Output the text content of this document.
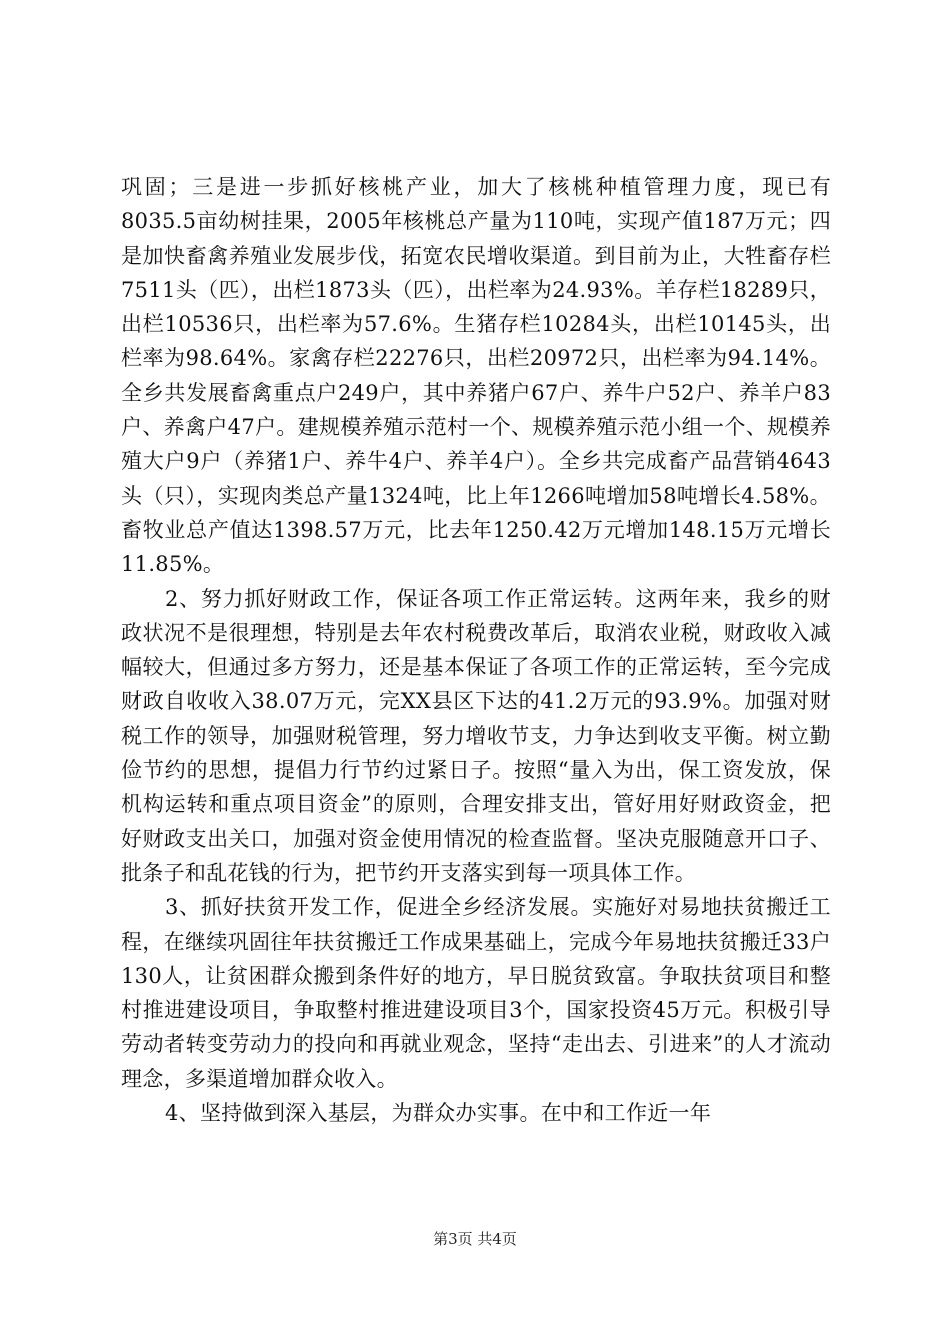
巩固；三是进一步抓好核桃产业，加大了核桃种植管理力度，现已有8035.5亩幼树挂果，2005年核桃总产量为110吨，实现产值187万元；四是加快畜禽养殖业发展步伐，拓宽农民增收渠道。到目前为止，大牲畜存栏7511头（匹），出栏1873头（匹），出栏率为24.93%。羊存栏18289只，出栏10536只，出栏率为57.6%。生猪存栏10284头，出栏10145头，出栏率为98.64%。家禽存栏22276只，出栏20972只，出栏率为94.14%。全乡共发展畜禽重点户249户，其中养猪户67户、养牛户52户、养羊户83户、养禽户47户。建规模养殖示范村一个、规模养殖示范小组一个、规模养殖大户9户（养猪1户、养牛4户、养羊4户）。全乡共完成畜产品营销4643头（只），实现肉类总产量1324吨，比上年1266吨增加58吨增长4.58%。畜牧业总产值达1398.57万元，比去年1250.42万元增加148.15万元增长11.85%。

2、努力抓好财政工作，保证各项工作正常运转。这两年来，我乡的财政状况不是很理想，特别是去年农村税费改革后，取消农业税，财政收入减幅较大，但通过多方努力，还是基本保证了各项工作的正常运转，至今完成财政自收收入38.07万元，完XX县区下达的41.2万元的93.9%。加强对财税工作的领导，加强财税管理，努力增收节支，力争达到收支平衡。树立勤俭节约的思想，提倡力行节约过紧日子。按照“量入为出，保工资发放，保机构运转和重点项目资金”的原则，合理安排支出，管好用好财政资金，把好财政支出关口，加强对资金使用情况的检查监督。坚决克服随意开口子、批条子和乱花钱的行为，把节约开支落实到每一项具体工作。

3、抓好扶贫开发工作，促进全乡经济发展。实施好对易地扶贫搬迁工程，在继续巩固往年扶贫搬迁工作成果基础上，完成今年易地扶贫搬迁33户130人，让贫困群众搬到条件好的地方，早日脱贫致富。争取扶贫项目和整村推进建设项目，争取整村推进建设项目3个，国家投资45万元。积极引导劳动者转变劳动力的投向和再就业观念，坚持“走出去、引进来”的人才流动理念，多渠道增加群众收入。

4、坚持做到深入基层，为群众办实事。在中和工作近一年

第3页 共4页
